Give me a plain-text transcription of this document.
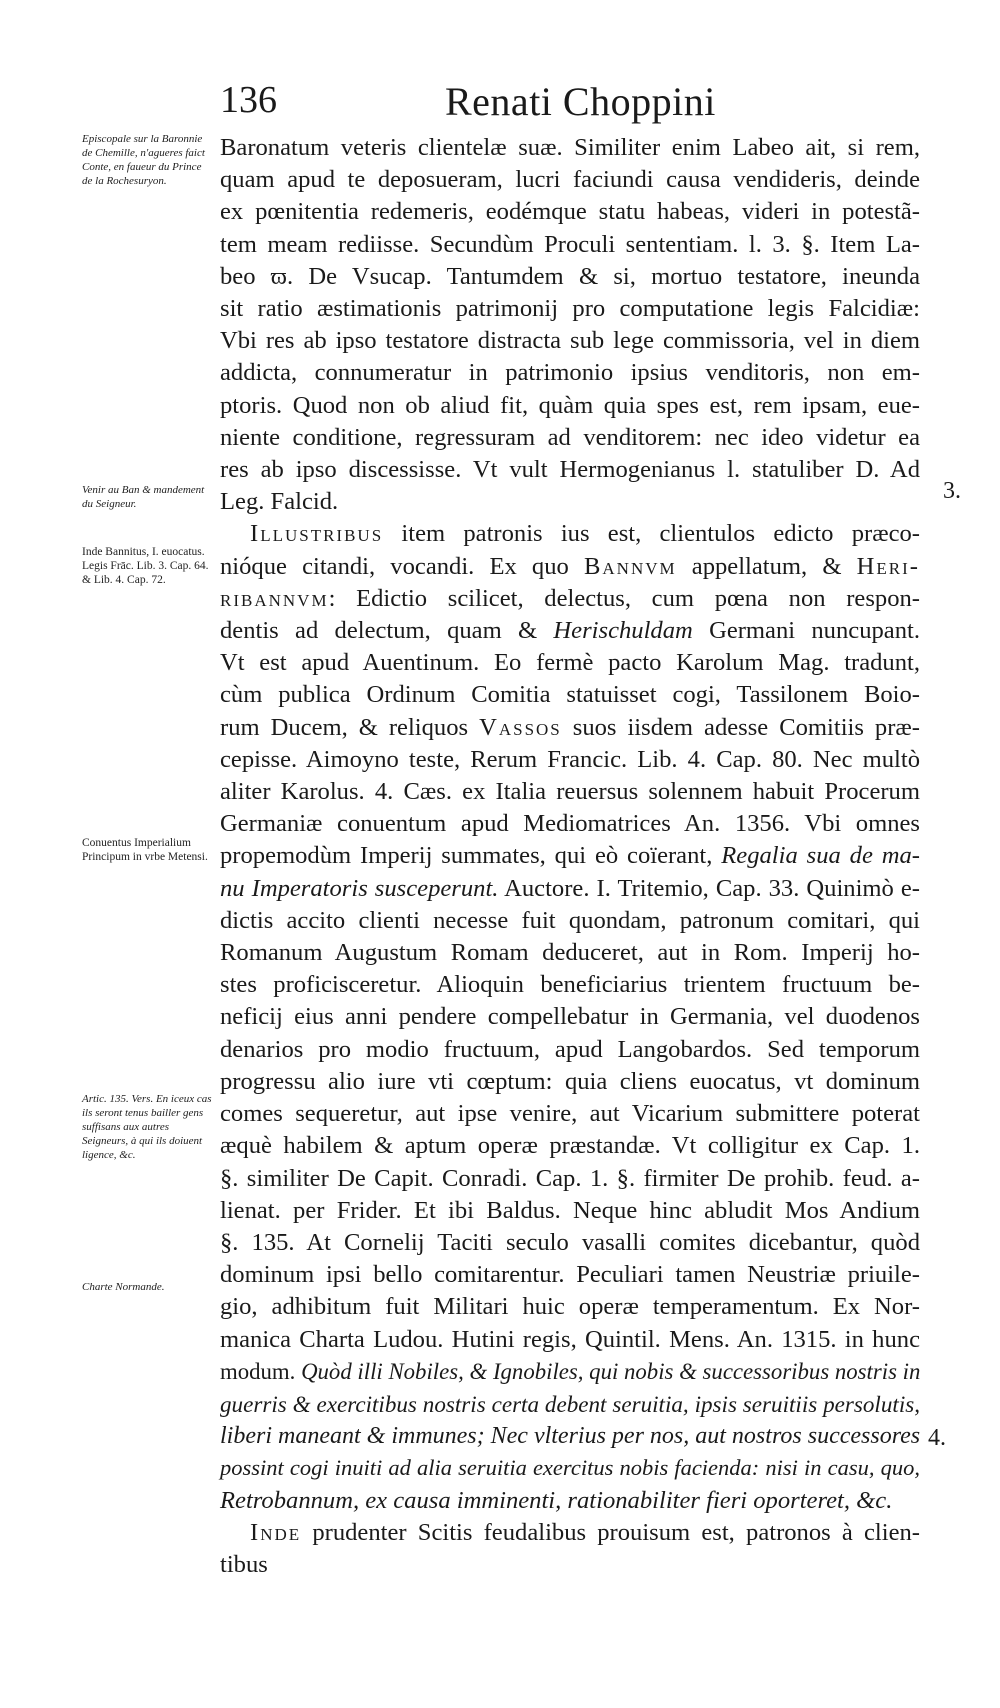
136	Renati Choppini
Episcopale sur la Baronnie de Chemille, n'agueres faict Conte, en faueur du Prince de la Rochesuryon.
Venir au Ban & mandement du Seigneur.
Inde Bannitus, I. euocatus. Legis Frāc. Lib. 3. Cap. 64. & Lib. 4. Cap. 72.
Conuentus Imperialium Principum in vrbe Metensi.
Artic. 135. Vers. En iceux cas ils seront tenus bailler gens suffisans aux autres Seigneurs, à qui ils doiuent ligence, &c.
Charte Normande.
3.
4.
Baronatum veteris clientelæ suæ. Similiter enim Labeo ait, si rem,
quam apud te deposueram, lucri faciundi causa vendideris, deinde
ex pœnitentia redemeris, eodémque statu habeas, videri in potestã-
tem meam rediisse. Secundùm Proculi sententiam. l. 3. §. Item La-
beo ϖ. De Vsucap. Tantumdem & si, mortuo testatore, ineunda
sit ratio æstimationis patrimonij pro computatione legis Falcidiæ:
Vbi res ab ipso testatore distracta sub lege commissoria, vel in diem
addicta, connumeratur in patrimonio ipsius venditoris, non em-
ptoris. Quod non ob aliud fit, quàm quia spes est, rem ipsam, eue-
niente conditione, regressuram ad venditorem: nec ideo videtur ea
res ab ipso discessisse. Vt vult Hermogenianus l. statuliber D. Ad
Leg. Falcid.
Illustribus item patronis ius est, clientulos edicto præco-
nióque citandi, vocandi. Ex quo Bannvm appellatum, & Heri-
ribannvm: Edictio scilicet, delectus, cum pœna non respon-
dentis ad delectum, quam & Herischuldam Germani nuncupant.
Vt est apud Auentinum. Eo fermè pacto Karolum Mag. tradunt,
cùm publica Ordinum Comitia statuisset cogi, Tassilonem Boio-
rum Ducem, & reliquos Vassos suos iisdem adesse Comitiis præ-
cepisse. Aimoyno teste, Rerum Francic. Lib. 4. Cap. 80. Nec multò
aliter Karolus. 4. Cæs. ex Italia reuersus solennem habuit Procerum
Germaniæ conuentum apud Mediomatrices An. 1356. Vbi omnes
propemodùm Imperij summates, qui eò coïerant, Regalia sua de ma-
nu Imperatoris susceperunt. Auctore. I. Tritemio, Cap. 33. Quinimò e-
dictis accito clienti necesse fuit quondam, patronum comitari, qui
Romanum Augustum Romam deduceret, aut in Rom. Imperij ho-
stes proficisceretur. Alioquin beneficiarius trientem fructuum be-
neficij eius anni pendere compellebatur in Germania, vel duodenos
denarios pro modio fructuum, apud Langobardos. Sed temporum
progressu alio iure vti cœptum: quia cliens euocatus, vt dominum
comes sequeretur, aut ipse venire, aut Vicarium submittere poterat
æquè habilem & aptum operæ præstandæ. Vt colligitur ex Cap. 1.
§. similiter De Capit. Conradi. Cap. 1. §. firmiter De prohib. feud. a-
lienat. per Frider. Et ibi Baldus. Neque hinc abludit Mos Andium
§. 135. At Cornelij Taciti seculo vasalli comites dicebantur, quòd
dominum ipsi bello comitarentur. Peculiari tamen Neustriæ priuile-
gio, adhibitum fuit Militari huic operæ temperamentum. Ex Nor-
manica Charta Ludou. Hutini regis, Quintil. Mens. An. 1315. in hunc
modum. Quòd illi Nobiles, & Ignobiles, qui nobis & successoribus nostris in
guerris & exercitibus nostris certa debent seruitia, ipsis seruitiis persolutis,
liberi maneant & immunes; Nec vlterius per nos, aut nostros successores
possint cogi inuiti ad alia seruitia exercitus nobis facienda: nisi in casu, quo,
Retrobannum, ex causa imminenti, rationabiliter fieri oporteret, &c.
Inde prudenter Scitis feudalibus prouisum est, patronos à clien-
tibus
